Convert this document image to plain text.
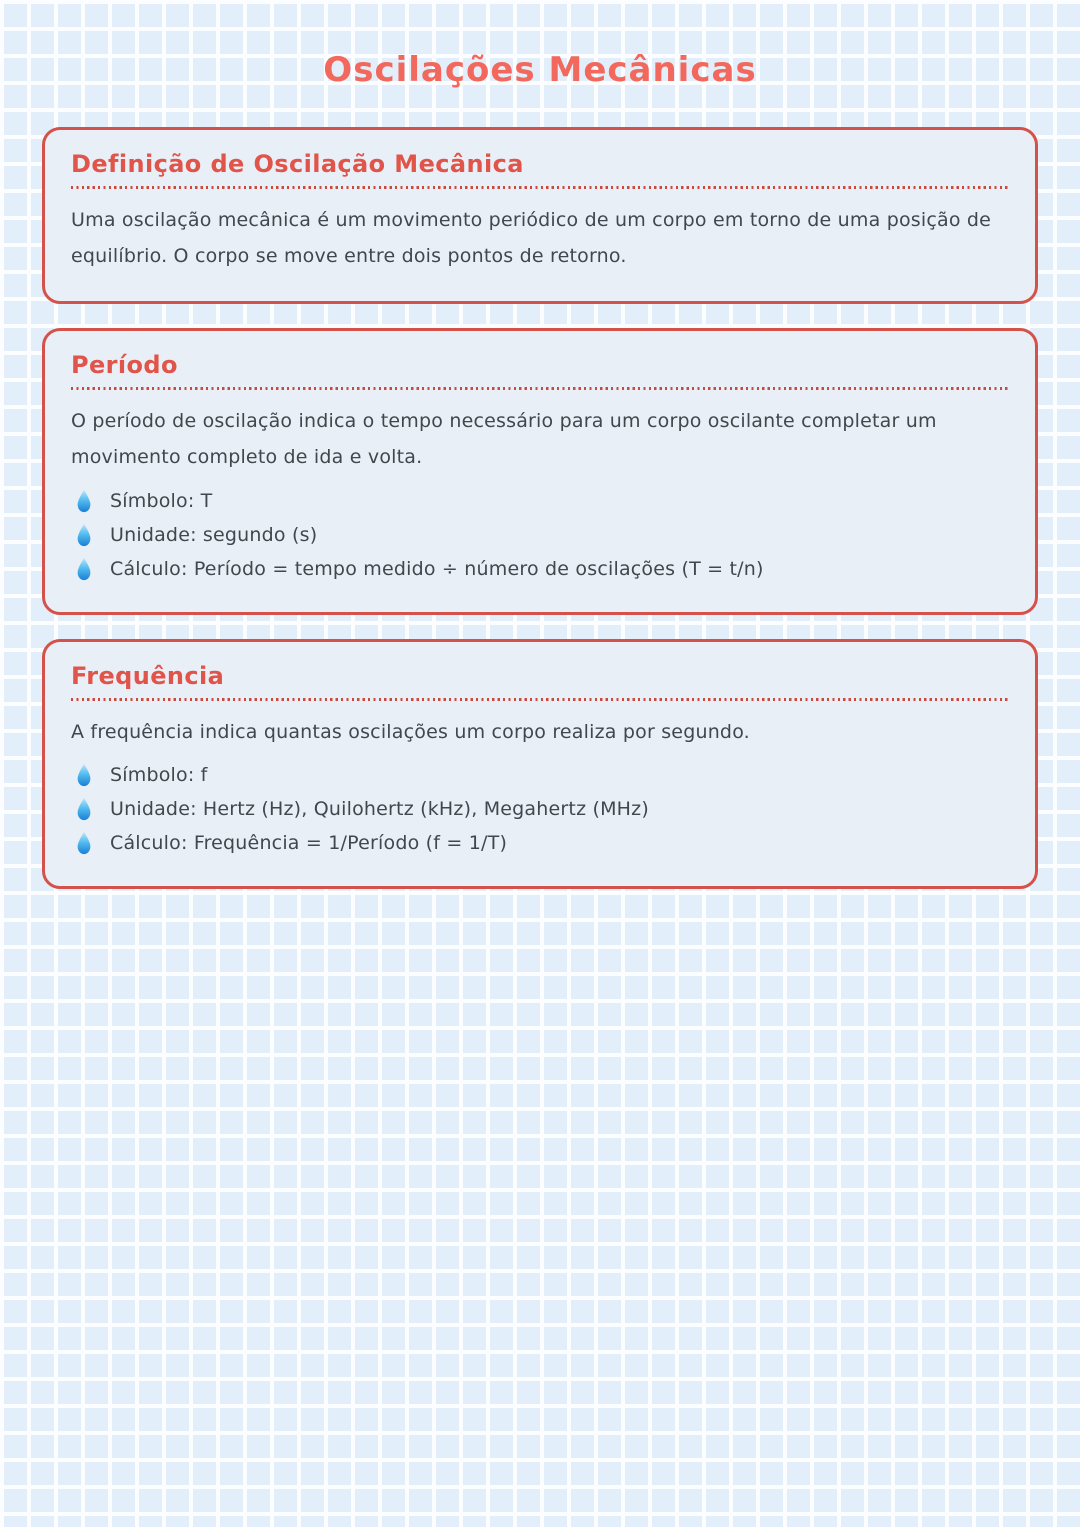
Oscilações Mecânicas
Definição de Oscilação Mecânica

Uma oscilação mecânica é um movimento periódico de um corpo em torno de uma posição de equilíbrio. O corpo se move entre dois pontos de retorno.

Período

O período de oscilação indica o tempo necessário para um corpo oscilante completar um movimento completo de ida e volta.

Símbolo: T
Unidade: segundo (s)
Cálculo: Período = tempo medido ÷ número de oscilações (T = t/n)
Frequência

A frequência indica quantas oscilações um corpo realiza por segundo.

Símbolo: f
Unidade: Hertz (Hz), Quilohertz (kHz), Megahertz (MHz)
Cálculo: Frequência = 1/Período (f = 1/T)
